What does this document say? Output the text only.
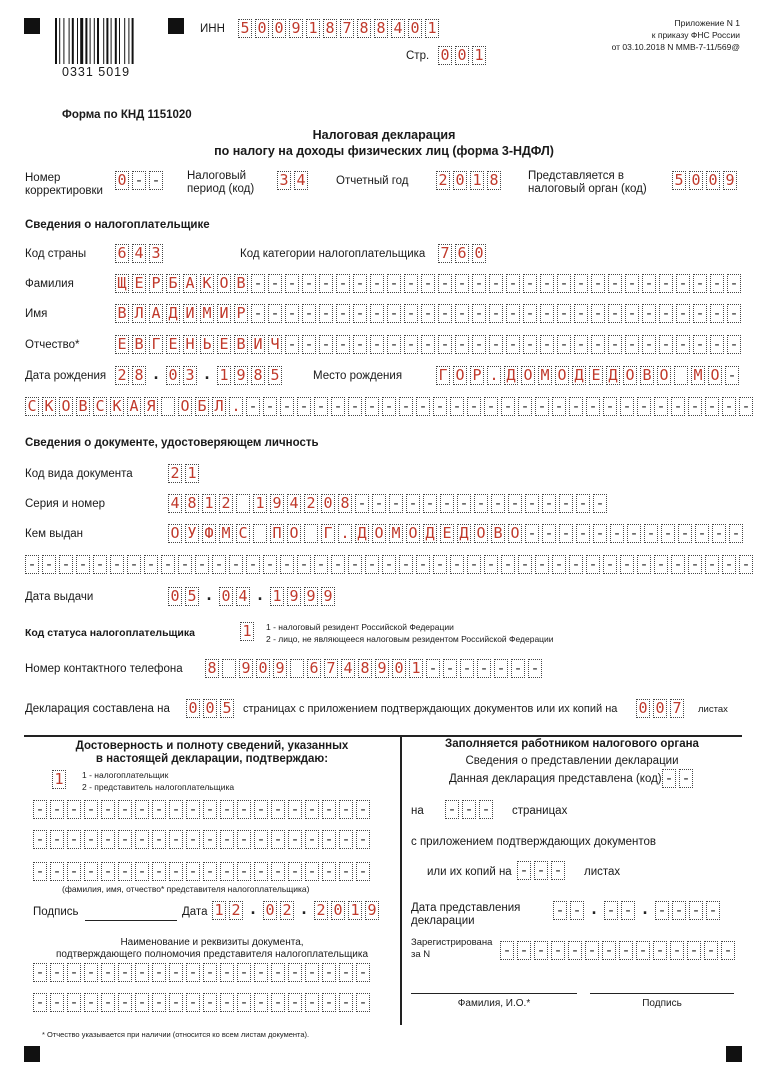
0331 5019
ИНН 5 0 0 9 1 8 7 8 8 4 0 1
Стр. 0 0 1
Приложение N 1
к приказу ФНС России
от 03.10.2018 N ММВ-7-11/569@
Форма по КНД 1151020
Налоговая декларация
по налогу на доходы физических лиц (форма 3-НДФЛ)
Номер
корректировки
0 - - Налоговый
период (код) 3 4	Отчетный год 2 0 1 8	Представляется в
налоговый орган (код) 5 0 0 9
Сведения о налогоплательщике
Код страны 6 4 3	Код категории налогоплательщика 7 6 0
Фамилия	Щ Е Р Б А К О В - - - - - - - - - - - - - - - - - - - - - - - - - - - - -
Имя	В Л А Д И М И Р - - - - - - - - - - - - - - - - - - - - - - - - - - - - -
Отчество*	Е В Г Е Н Ь Е В И Ч - - - - - - - - - - - - - - - - - - - - - - - - - - -
Дата рождения 2 8 . 0 3 . 1 9 8 5	Место рождения Г О Р . Д О М О Д Е Д О В О М О -
С К О В С К А Я О Б Л . - - - - - - - - - - - - - - - - - - - - - - - - - - - - - -
Сведения о документе, удостоверяющем личность
Код вида документа	2 1
Серия и номер	4 8 1 2 1 9 4 2 0 8 - - - - - - - - - - - - - - -
Кем выдан	О У Ф М С П О Г . Д О М О Д Е Д О В О - - - - - - - - - - - - -
- - - - - - - - - - - - - - - - - - - - - - - - - - - - - - - - - - - - - - - - - - -
Дата выдачи	0 5 . 0 4 . 1 9 9 9
Код статуса налогоплательщика	1 1 - налоговый резидент Российской Федерации
2 - лицо, не являющееся налоговым резидентом Российской Федерации
Номер контактного телефона 8 9 0 9 6 7 4 8 9 0 1 - - - - - - -
Декларация составлена на 0 0 5 страницах с приложением подтверждающих документов или их копий на 0 0 7 листах
Достоверность и полноту сведений, указанных
в настоящей декларации, подтверждаю:
1 1 - налогоплательщик
2 - представитель налогоплательщика
- - - - - - - - - - - - - - - - - - - -
- - - - - - - - - - - - - - - - - - - -
- - - - - - - - - - - - - - - - - - - -
(фамилия, имя, отчество* представителя налогоплательщика)
Подпись	Дата 1 2 . 0 2 . 2 0 1 9
Наименование и реквизиты документа,
подтверждающего полномочия представителя налогоплательщика
- - - - - - - - - - - - - - - - - - - -
- - - - - - - - - - - - - - - - - - - -
Заполняется работником налогового органа
Сведения о представлении декларации
Данная декларация представлена (код) - -
на - - - страницах
с приложением подтверждающих документов
или их копий на - - - листах
Дата представления
декларации
- - . - - . - - - -
Зарегистрирована
за N	- - - - - - - - - - - - - -
Фамилия, И.О.*	Подпись
* Отчество указывается при наличии (относится ко всем листам документа).
